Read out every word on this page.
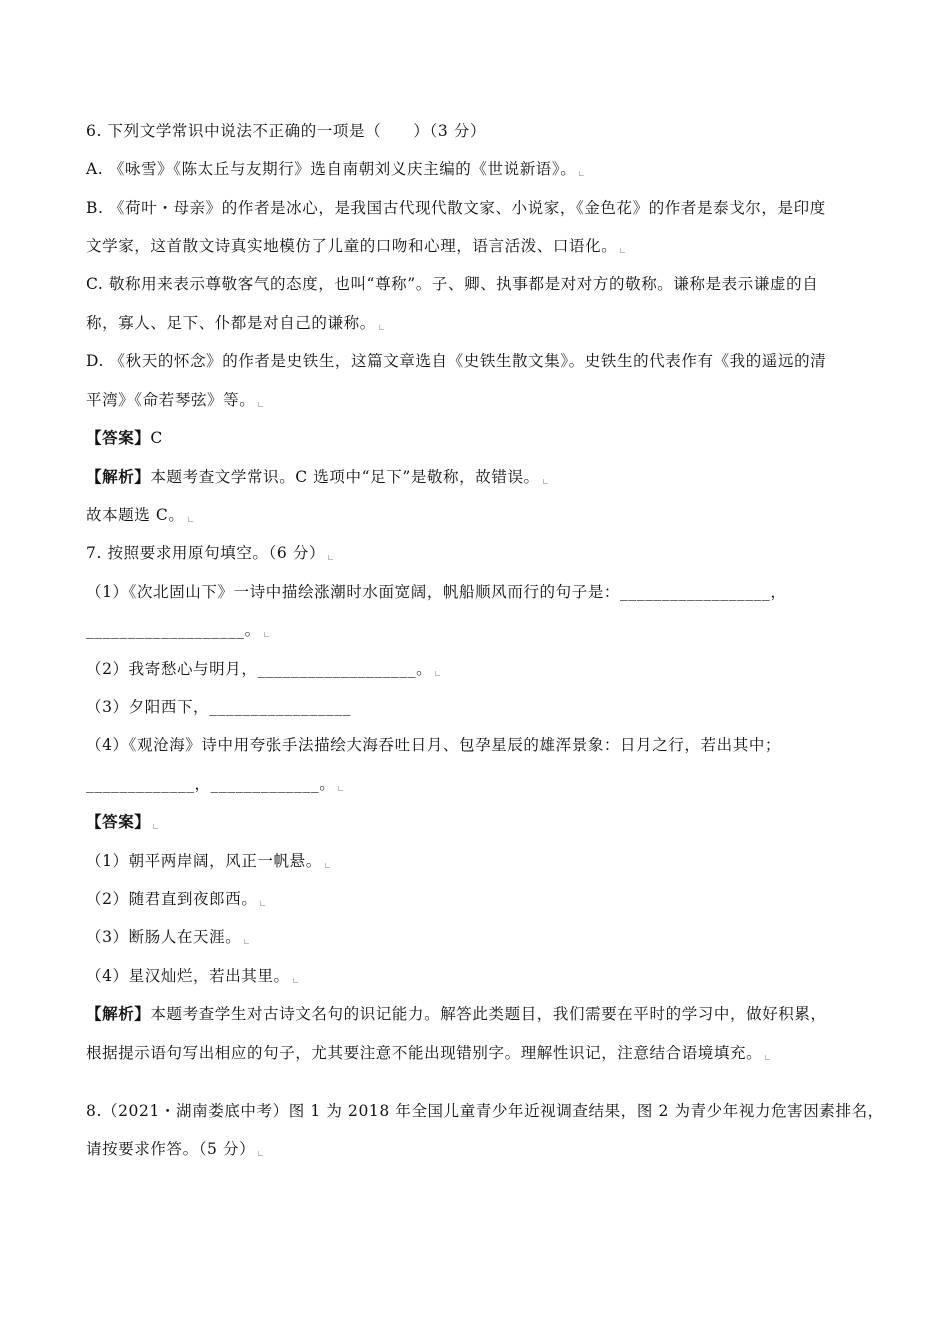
6. 下列文学常识中说法不正确的一项是（　　）（3 分）
A. 《咏雪》《陈太丘与友期行》选自南朝刘义庆主编的《世说新语》。
B. 《荷叶・母亲》的作者是冰心，是我国古代现代散文家、小说家，《金色花》的作者是泰戈尔，是印度
文学家，这首散文诗真实地模仿了儿童的口吻和心理，语言活泼、口语化。
C. 敬称用来表示尊敬客气的态度，也叫“尊称”。子、卿、执事都是对对方的敬称。谦称是表示谦虚的自
称，寡人、足下、仆都是对自己的谦称。
D. 《秋天的怀念》的作者是史铁生，这篇文章选自《史铁生散文集》。史铁生的代表作有《我的遥远的清
平湾》《命若琴弦》等。
【答案】C
【解析】本题考查文学常识。C 选项中“足下”是敬称，故错误。
故本题选 C。
7. 按照要求用原句填空。（6 分）
（1）《次北固山下》一诗中描绘涨潮时水面宽阔，帆船顺风而行的句子是：__________________，
___________________。
（2）我寄愁心与明月，___________________。
（3）夕阳西下，_________________
（4）《观沧海》诗中用夸张手法描绘大海吞吐日月、包孕星辰的雄浑景象：日月之行，若出其中；
_____________，_____________。
【答案】
（1）朝平两岸阔，风正一帆悬。
（2）随君直到夜郎西。
（3）断肠人在天涯。
（4）星汉灿烂，若出其里。
【解析】本题考查学生对古诗文名句的识记能力。解答此类题目，我们需要在平时的学习中，做好积累，
根据提示语句写出相应的句子，尤其要注意不能出现错别字。理解性识记，注意结合语境填充。
8.（2021・湖南娄底中考）图 1 为 2018 年全国儿童青少年近视调查结果，图 2 为青少年视力危害因素排名，
请按要求作答。（5 分）
